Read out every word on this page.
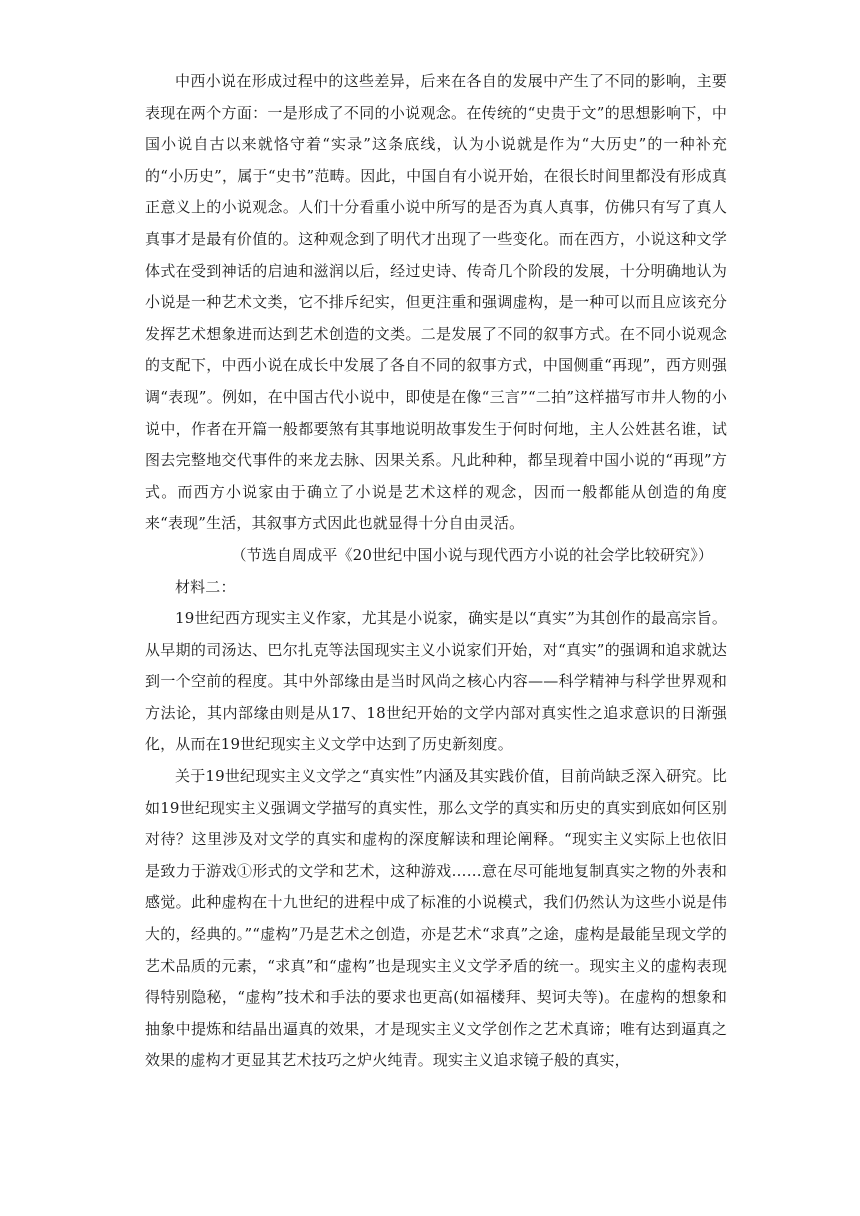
中西小说在形成过程中的这些差异，后来在各自的发展中产生了不同的影响，主要表现在两个方面：一是形成了不同的小说观念。在传统的“史贵于文”的思想影响下，中国小说自古以来就恪守着“实录”这条底线，认为小说就是作为“大历史”的一种补充的“小历史”，属于“史书”范畴。因此，中国自有小说开始，在很长时间里都没有形成真正意义上的小说观念。人们十分看重小说中所写的是否为真人真事，仿佛只有写了真人真事才是最有价值的。这种观念到了明代才出现了一些变化。而在西方，小说这种文学体式在受到神话的启迪和滋润以后，经过史诗、传奇几个阶段的发展，十分明确地认为小说是一种艺术文类，它不排斥纪实，但更注重和强调虚构，是一种可以而且应该充分发挥艺术想象进而达到艺术创造的文类。二是发展了不同的叙事方式。在不同小说观念的支配下，中西小说在成长中发展了各自不同的叙事方式，中国侧重“再现”，西方则强调“表现”。例如，在中国古代小说中，即使是在像“三言”“二拍”这样描写市井人物的小说中，作者在开篇一般都要煞有其事地说明故事发生于何时何地，主人公姓甚名谁，试图去完整地交代事件的来龙去脉、因果关系。凡此种种，都呈现着中国小说的“再现”方式。而西方小说家由于确立了小说是艺术这样的观念，因而一般都能从创造的角度来“表现”生活，其叙事方式因此也就显得十分自由灵活。

（节选自周成平《20世纪中国小说与现代西方小说的社会学比较研究》）

材料二：

19世纪西方现实主义作家，尤其是小说家，确实是以“真实”为其创作的最高宗旨。从早期的司汤达、巴尔扎克等法国现实主义小说家们开始，对“真实”的强调和追求就达到一个空前的程度。其中外部缘由是当时风尚之核心内容——科学精神与科学世界观和方法论，其内部缘由则是从17、18世纪开始的文学内部对真实性之追求意识的日渐强化，从而在19世纪现实主义文学中达到了历史新刻度。

关于19世纪现实主义文学之“真实性”内涵及其实践价值，目前尚缺乏深入研究。比如19世纪现实主义强调文学描写的真实性，那么文学的真实和历史的真实到底如何区别对待？这里涉及对文学的真实和虚构的深度解读和理论阐释。“现实主义实际上也依旧是致力于游戏①形式的文学和艺术，这种游戏……意在尽可能地复制真实之物的外表和感觉。此种虚构在十九世纪的进程中成了标准的小说模式，我们仍然认为这些小说是伟大的，经典的。”“虚构”乃是艺术之创造，亦是艺术“求真”之途，虚构是最能呈现文学的艺术品质的元素，“求真”和“虚构”也是现实主义文学矛盾的统一。现实主义的虚构表现得特别隐秘，“虚构”技术和手法的要求也更高(如福楼拜、契诃夫等)。在虚构的想象和抽象中提炼和结晶出逼真的效果，才是现实主义文学创作之艺术真谛；唯有达到逼真之效果的虚构才更显其艺术技巧之炉火纯青。现实主义追求镜子般的真实，
